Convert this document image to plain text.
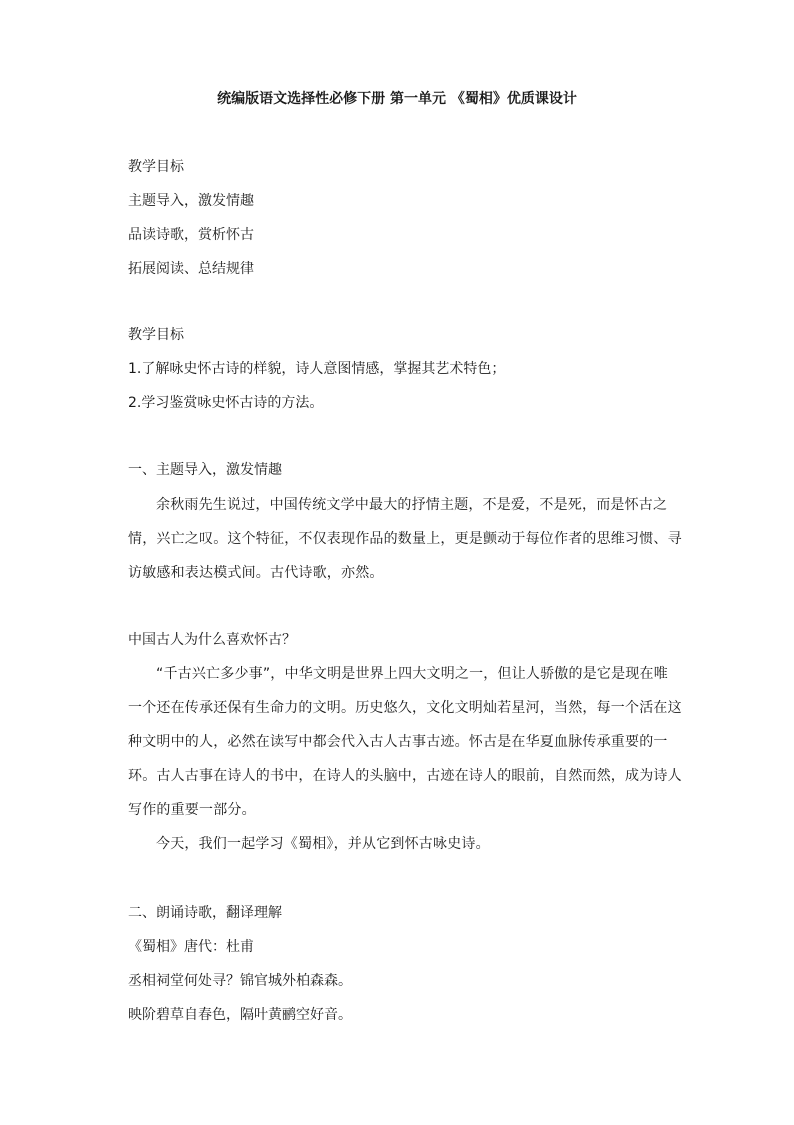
统编版语文选择性必修下册 第一单元 《蜀相》优质课设计
教学目标
主题导入，激发情趣
品读诗歌，赏析怀古
拓展阅读、总结规律
教学目标
1.了解咏史怀古诗的样貌，诗人意图情感，掌握其艺术特色；
2.学习鉴赏咏史怀古诗的方法。
一、主题导入，激发情趣
余秋雨先生说过，中国传统文学中最大的抒情主题，不是爱，不是死，而是怀古之情，兴亡之叹。这个特征，不仅表现作品的数量上，更是颤动于每位作者的思维习惯、寻访敏感和表达模式间。古代诗歌，亦然。
中国古人为什么喜欢怀古？
“千古兴亡多少事”，中华文明是世界上四大文明之一，但让人骄傲的是它是现在唯一个还在传承还保有生命力的文明。历史悠久，文化文明灿若星河，当然，每一个活在这种文明中的人，必然在读写中都会代入古人古事古迹。怀古是在华夏血脉传承重要的一环。古人古事在诗人的书中，在诗人的头脑中，古迹在诗人的眼前，自然而然，成为诗人写作的重要一部分。
今天，我们一起学习《蜀相》，并从它到怀古咏史诗。
二、朗诵诗歌，翻译理解
《蜀相》唐代：杜甫
丞相祠堂何处寻？锦官城外柏森森。
映阶碧草自春色，隔叶黄鹂空好音。
